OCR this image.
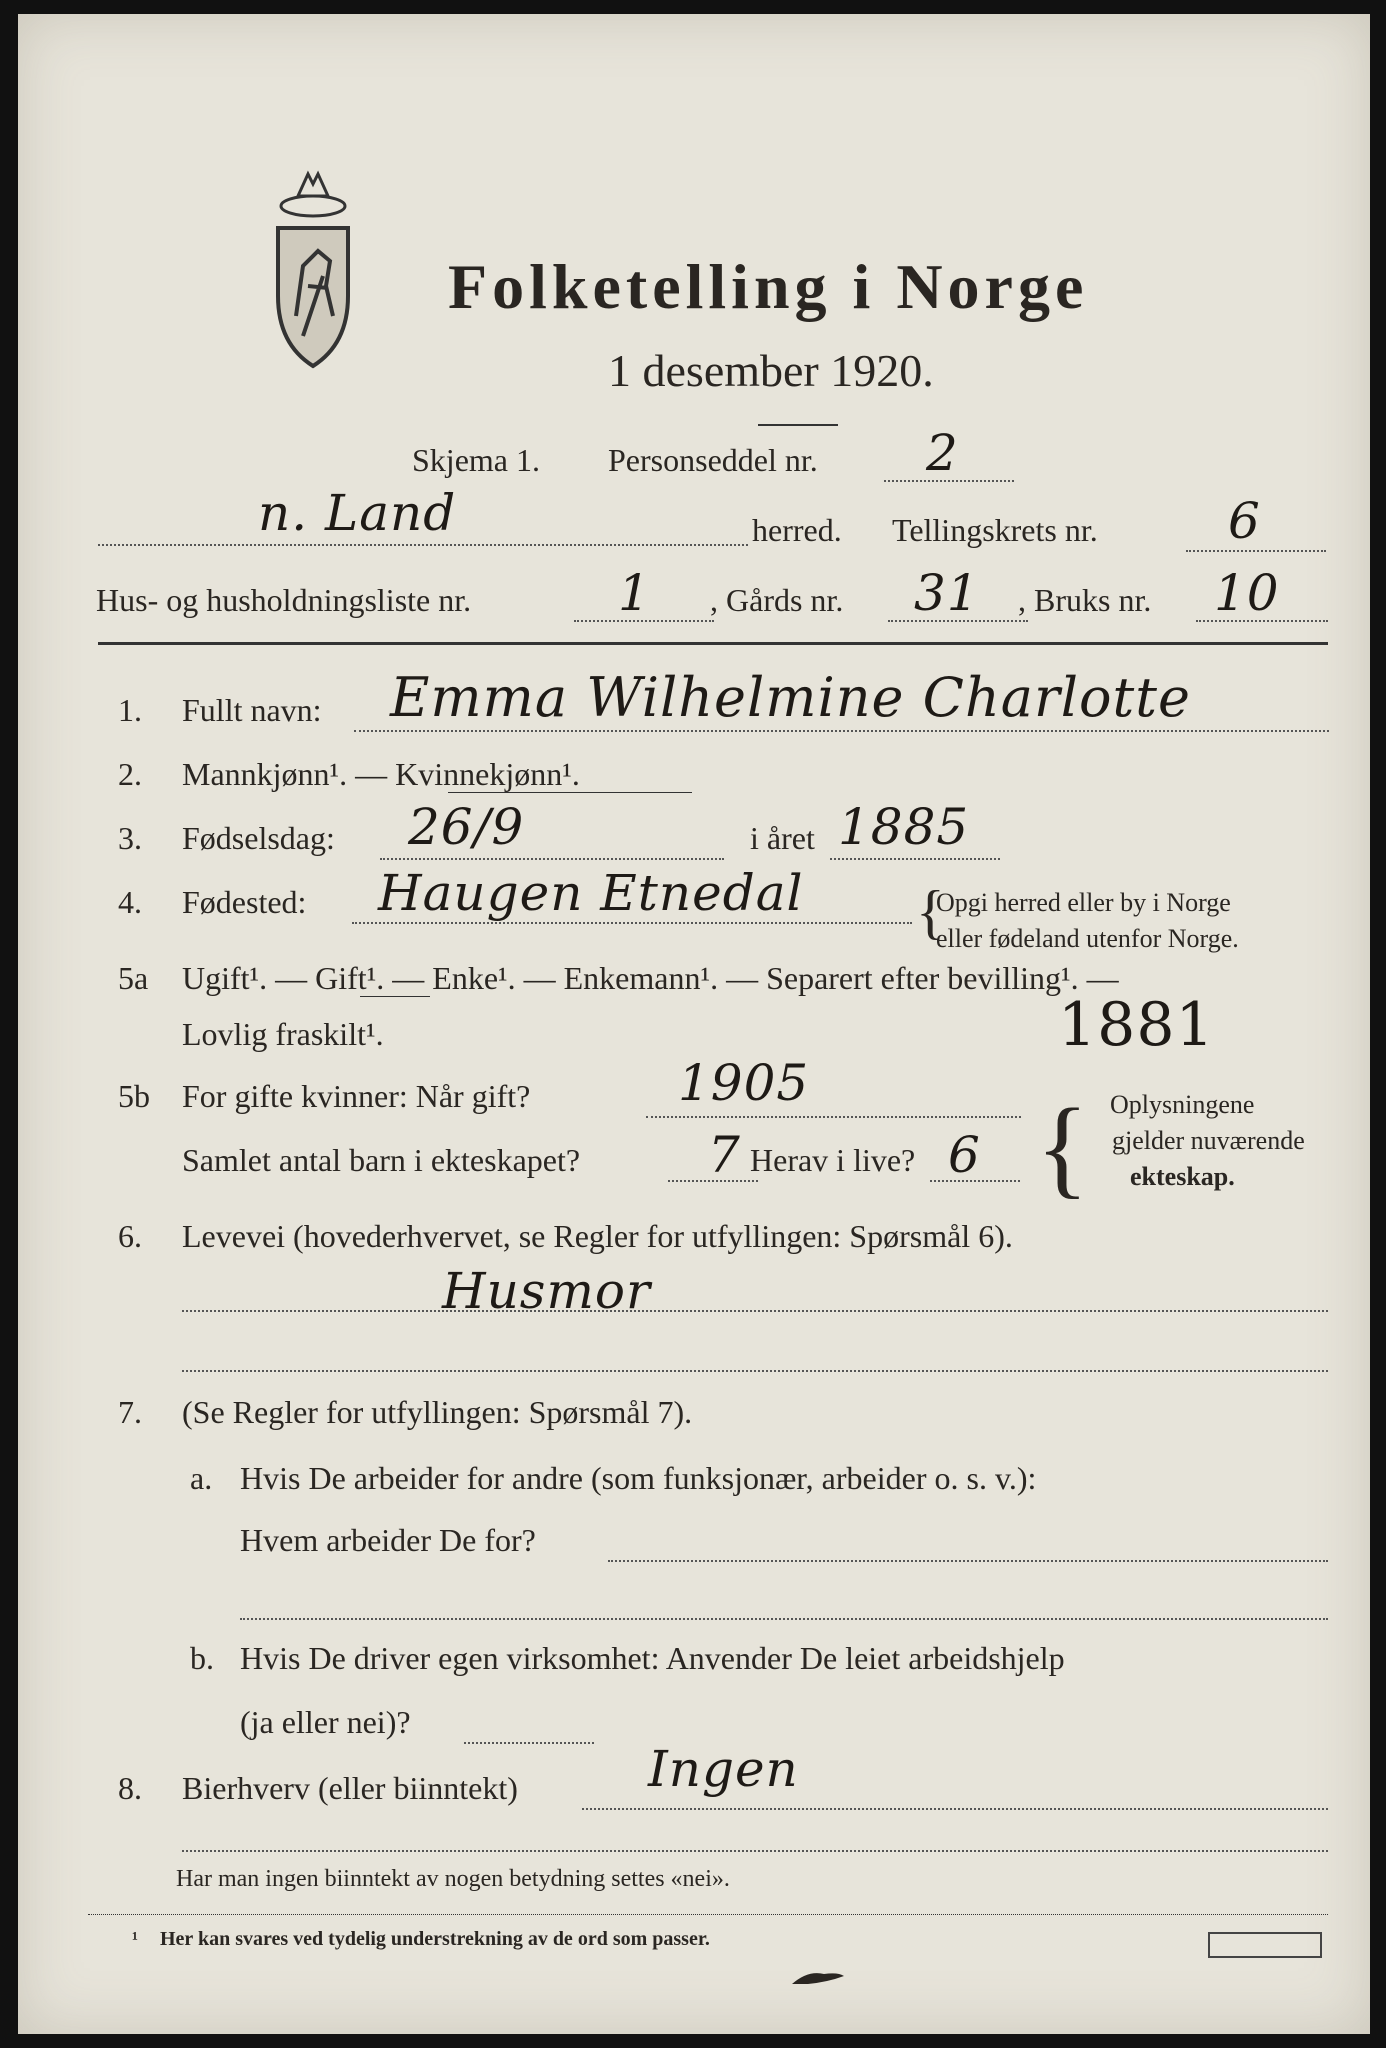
Folketelling i Norge
1 desember 1920.
Skjema 1. Personseddel nr. 2
n. Land	herred. Tellingskrets nr.	6
Hus- og husholdningsliste nr.	1 , Gårds nr. 31 , Bruks nr. 10
1. Fullt navn: Emma Wilhelmine Charlotte
2. Mannkjønn¹. — Kvinnekjønn¹.
3. Fødselsdag: 26/9	i året 1885
4. Fødested: Haugen Etnedal {
Opgi herred eller by i Norge
eller fødeland utenfor Norge.
5a Ugift¹. — Gift¹. — Enke¹. — Enkemann¹. — Separert efter bevilling¹. —
Lovlig fraskilt¹.	1881
5b For gifte kvinner: Når gift?	1905
Samlet antal barn i ekteskapet?	7 Herav i live? 6 { Oplysningene
gjelder nuværende
ekteskap.
6. Levevei (hovederhvervet, se Regler for utfyllingen: Spørsmål 6).
Husmor
7. (Se Regler for utfyllingen: Spørsmål 7).
a. Hvis De arbeider for andre (som funksjonær, arbeider o. s. v.):
Hvem arbeider De for?
b. Hvis De driver egen virksomhet: Anvender De leiet arbeidshjelp
(ja eller nei)?
8. Bierhverv (eller biinntekt)	Ingen
Har man ingen biinntekt av nogen betydning settes «nei».
¹ Her kan svares ved tydelig understrekning av de ord som passer.
